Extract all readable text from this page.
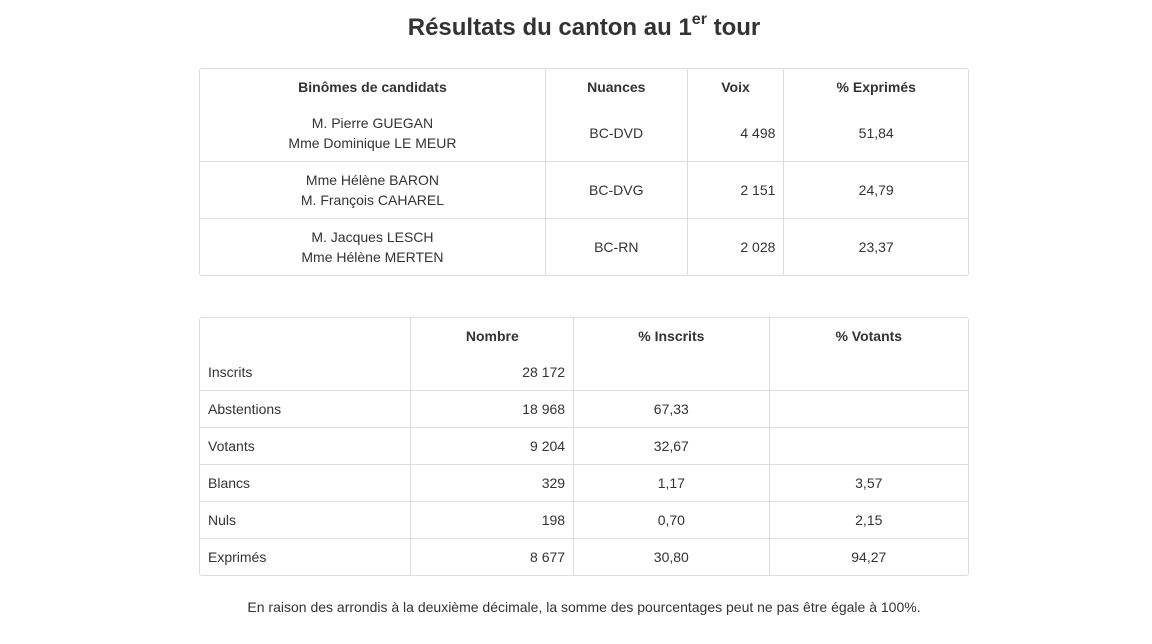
Résultats du canton au 1er tour
Binômes de candidats	Nuances	Voix	% Exprimés
M. Pierre GUEGAN
Mme Dominique LE MEUR	BC-DVD	4 498	51,84
Mme Hélène BARON
M. François CAHAREL	BC-DVG	2 151	24,79
M. Jacques LESCH
Mme Hélène MERTEN	BC-RN	2 028	23,37
	Nombre	% Inscrits	% Votants
Inscrits	28 172		
Abstentions	18 968	67,33	
Votants	9 204	32,67	
Blancs	329	1,17	3,57
Nuls	198	0,70	2,15
Exprimés	8 677	30,80	94,27
En raison des arrondis à la deuxième décimale, la somme des pourcentages peut ne pas être égale à 100%.
